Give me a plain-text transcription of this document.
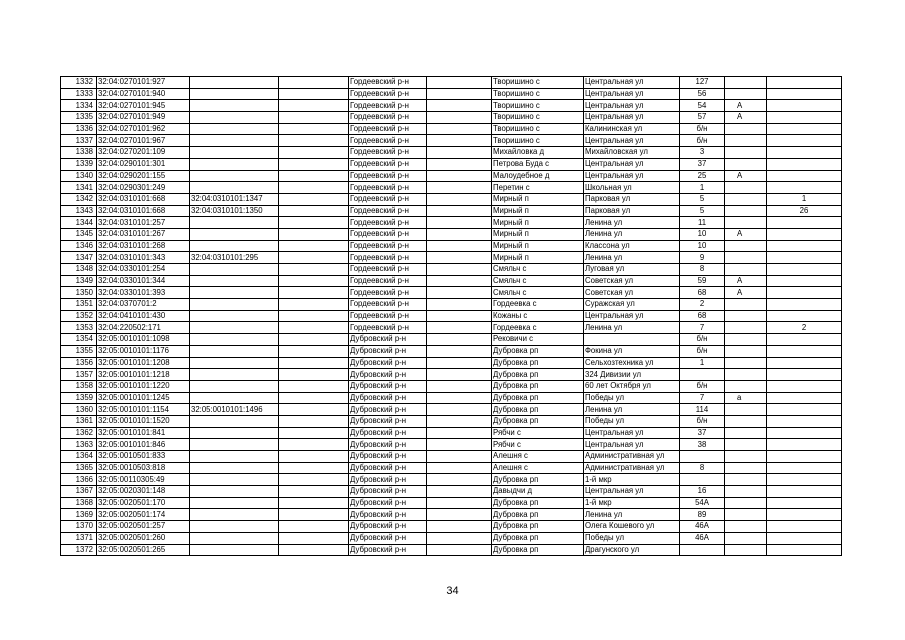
1332	32:04:0270101:927			Гордеевский р-н		Творишино с	Центральная ул	127		
1333	32:04:0270101:940			Гордеевский р-н		Творишино с	Центральная ул	56		
1334	32:04:0270101:945			Гордеевский р-н		Творишино с	Центральная ул	54	А	
1335	32:04:0270101:949			Гордеевский р-н		Творишино с	Центральная ул	57	А	
1336	32:04:0270101:962			Гордеевский р-н		Творишино с	Калининская ул	б/н		
1337	32:04:0270101:967			Гордеевский р-н		Творишино с	Центральная ул	б/н		
1338	32:04:0270201:109			Гордеевский р-н		Михайловка д	Михайловская ул	3		
1339	32:04:0290101:301			Гордеевский р-н		Петрова Буда с	Центральная ул	37		
1340	32:04:0290201:155			Гордеевский р-н		Малоудебное д	Центральная ул	25	А	
1341	32:04:0290301:249			Гордеевский р-н		Перетин с	Школьная ул	1		
1342	32:04:0310101:668	32:04:0310101:1347		Гордеевский р-н		Мирный п	Парковая ул	5		1
1343	32:04:0310101:668	32:04:0310101:1350		Гордеевский р-н		Мирный п	Парковая ул	5		26
1344	32:04:0310101:257			Гордеевский р-н		Мирный п	Ленина ул	11		
1345	32:04:0310101:267			Гордеевский р-н		Мирный п	Ленина ул	10	А	
1346	32:04:0310101:268			Гордеевский р-н		Мирный п	Классона ул	10		
1347	32:04:0310101:343	32:04:0310101:295		Гордеевский р-н		Мирный п	Ленина ул	9		
1348	32:04:0330101:254			Гордеевский р-н		Смяльч с	Луговая ул	8		
1349	32:04:0330101:344			Гордеевский р-н		Смяльч с	Советская ул	59	А	
1350	32:04:0330101:393			Гордеевский р-н		Смяльч с	Советская ул	68	А	
1351	32:04:0370701:2			Гордеевский р-н		Гордеевка с	Суражская ул	2		
1352	32:04:0410101:430			Гордеевский р-н		Кожаны с	Центральная ул	68		
1353	32:04:220502:171			Гордеевский р-н		Гордеевка с	Ленина ул	7		2
1354	32:05:0010101:1098			Дубровский р-н		Рековичи с		б/н		
1355	32:05:0010101:1176			Дубровский р-н		Дубровка рп	Фокина ул	б/н		
1356	32:05:0010101:1208			Дубровский р-н		Дубровка рп	Сельхозтехника ул	1		
1357	32:05:0010101:1218			Дубровский р-н		Дубровка рп	324 Дивизии ул			
1358	32:05:0010101:1220			Дубровский р-н		Дубровка рп	60 лет Октября ул	б/н		
1359	32:05:0010101:1245			Дубровский р-н		Дубровка рп	Победы ул	7	а	
1360	32:05:0010101:1154	32:05:0010101:1496		Дубровский р-н		Дубровка рп	Ленина ул	114		
1361	32:05:0010101:1520			Дубровский р-н		Дубровка рп	Победы ул	б/н		
1362	32:05:0010101:841			Дубровский р-н		Рябчи с	Центральная ул	37		
1363	32:05:0010101:846			Дубровский р-н		Рябчи с	Центральная ул	38		
1364	32:05:0010501:833			Дубровский р-н		Алешня с	Административная ул			
1365	32:05:0010503:818			Дубровский р-н		Алешня с	Административная ул	8		
1366	32:05:00110305:49			Дубровский р-н		Дубровка рп	1-й мкр			
1367	32:05:0020301:148			Дубровский р-н		Давыдчи д	Центральная ул	16		
1368	32:05:0020501:170			Дубровский р-н		Дубровка рп	1-й мкр	54А		
1369	32:05:0020501:174			Дубровский р-н		Дубровка рп	Ленина ул	89		
1370	32:05:0020501:257			Дубровский р-н		Дубровка рп	Олега Кошевого ул	46А		
1371	32:05:0020501:260			Дубровский р-н		Дубровка рп	Победы ул	46А		
1372	32:05:0020501:265			Дубровский р-н		Дубровка рп	Драгунского ул			
34
